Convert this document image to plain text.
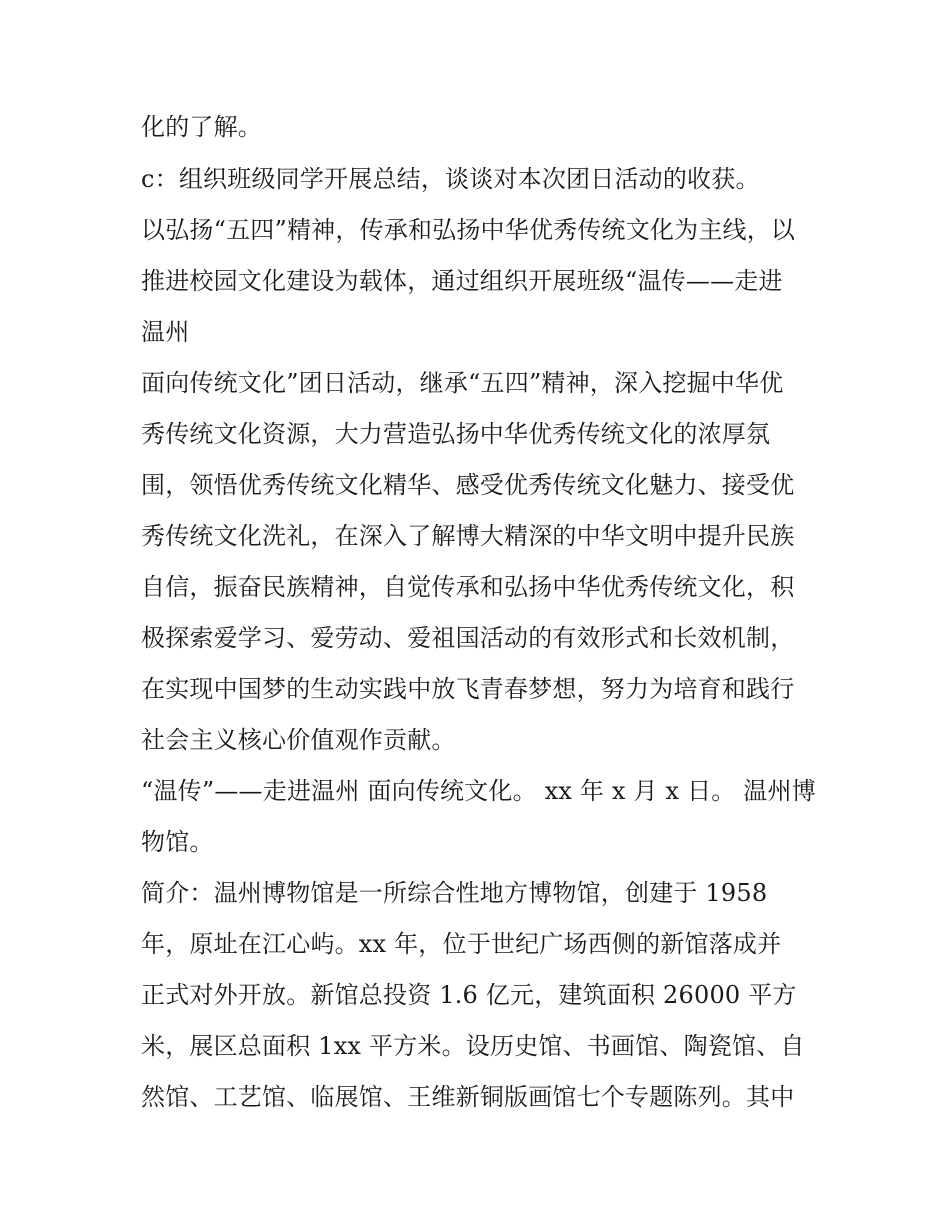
化的了解。
c：组织班级同学开展总结，谈谈对本次团日活动的收获。
以弘扬“五四”精神，传承和弘扬中华优秀传统文化为主线，以
推进校园文化建设为载体，通过组织开展班级“温传——走进
温州
面向传统文化”团日活动，继承“五四”精神，深入挖掘中华优
秀传统文化资源，大力营造弘扬中华优秀传统文化的浓厚氛
围，领悟优秀传统文化精华、感受优秀传统文化魅力、接受优
秀传统文化洗礼，在深入了解博大精深的中华文明中提升民族
自信，振奋民族精神，自觉传承和弘扬中华优秀传统文化，积
极探索爱学习、爱劳动、爱祖国活动的有效形式和长效机制，
在实现中国梦的生动实践中放飞青春梦想，努力为培育和践行
社会主义核心价值观作贡献。
“温传”——走进温州 面向传统文化。 xx 年 x 月 x 日。 温州博
物馆。
简介：温州博物馆是一所综合性地方博物馆，创建于 1958
年，原址在江心屿。xx 年，位于世纪广场西侧的新馆落成并
正式对外开放。新馆总投资 1.6 亿元，建筑面积 26000 平方
米，展区总面积 1xx 平方米。设历史馆、书画馆、陶瓷馆、自
然馆、工艺馆、临展馆、王维新铜版画馆七个专题陈列。其中
